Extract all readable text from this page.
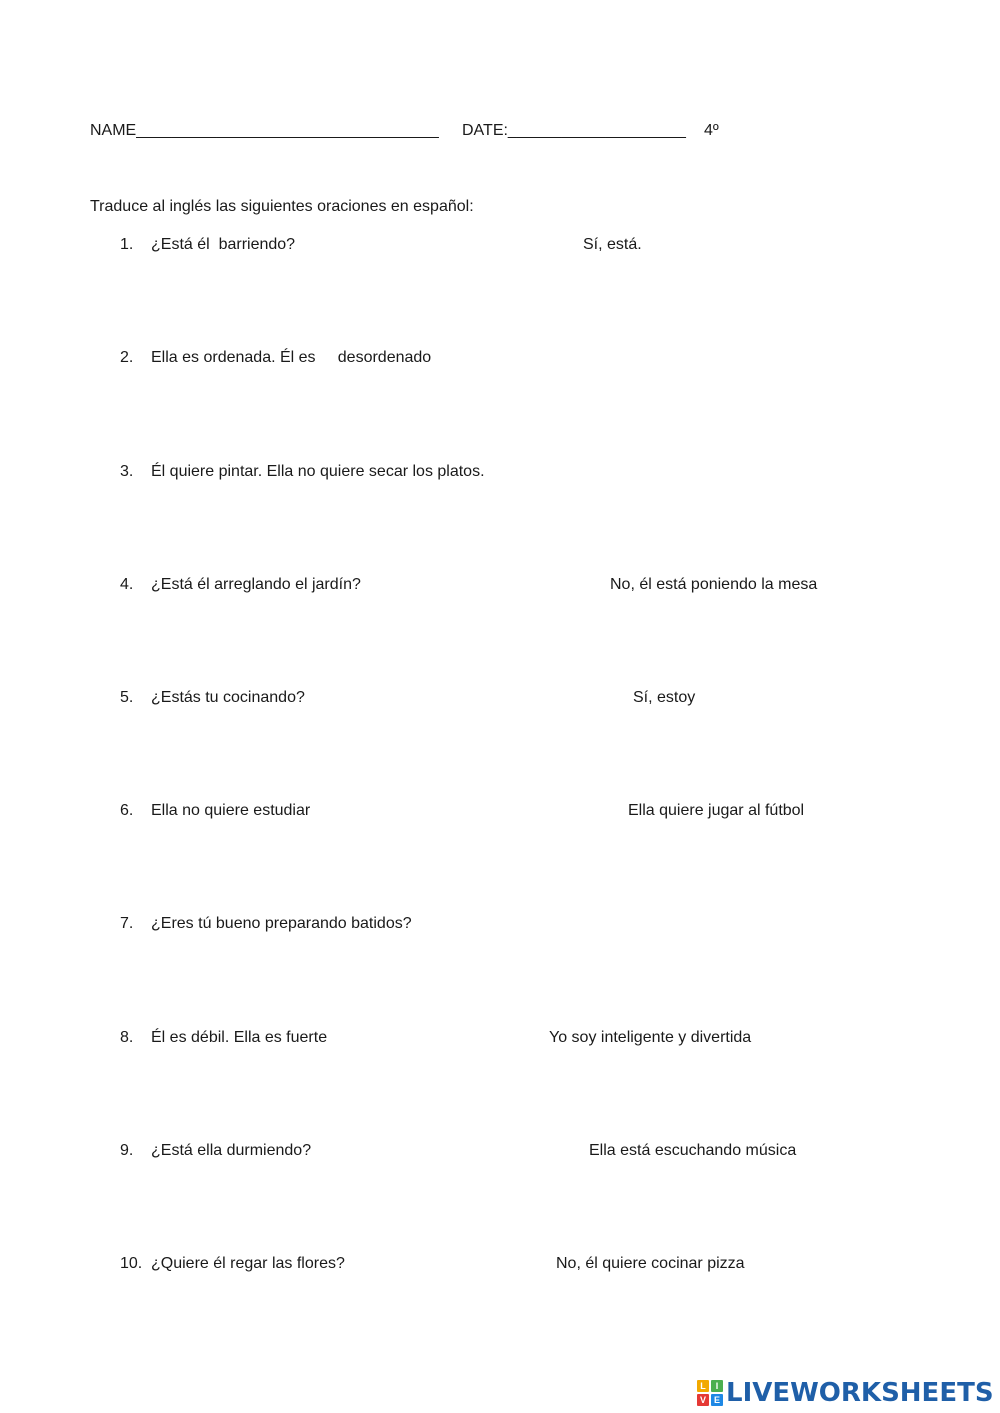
NAME__________________________________ DATE:____________________ 4º
Traduce al inglés las siguientes oraciones en español:
1. ¿Está él  barriendo?	Sí, está.
2. Ella es ordenada. Él es     desordenado
3. Él quiere pintar. Ella no quiere secar los platos.
4. ¿Está él arreglando el jardín?	No, él está poniendo la mesa
5. ¿Estás tu cocinando?	Sí, estoy
6. Ella no quiere estudiar	Ella quiere jugar al fútbol
7. ¿Eres tú bueno preparando batidos?
8. Él es débil. Ella es fuerte	Yo soy inteligente y divertida
9. ¿Está ella durmiendo?	Ella está escuchando música
10. ¿Quiere él regar las flores?	No, él quiere cocinar pizza
L	I
V E LIVEWORKSHEETS
